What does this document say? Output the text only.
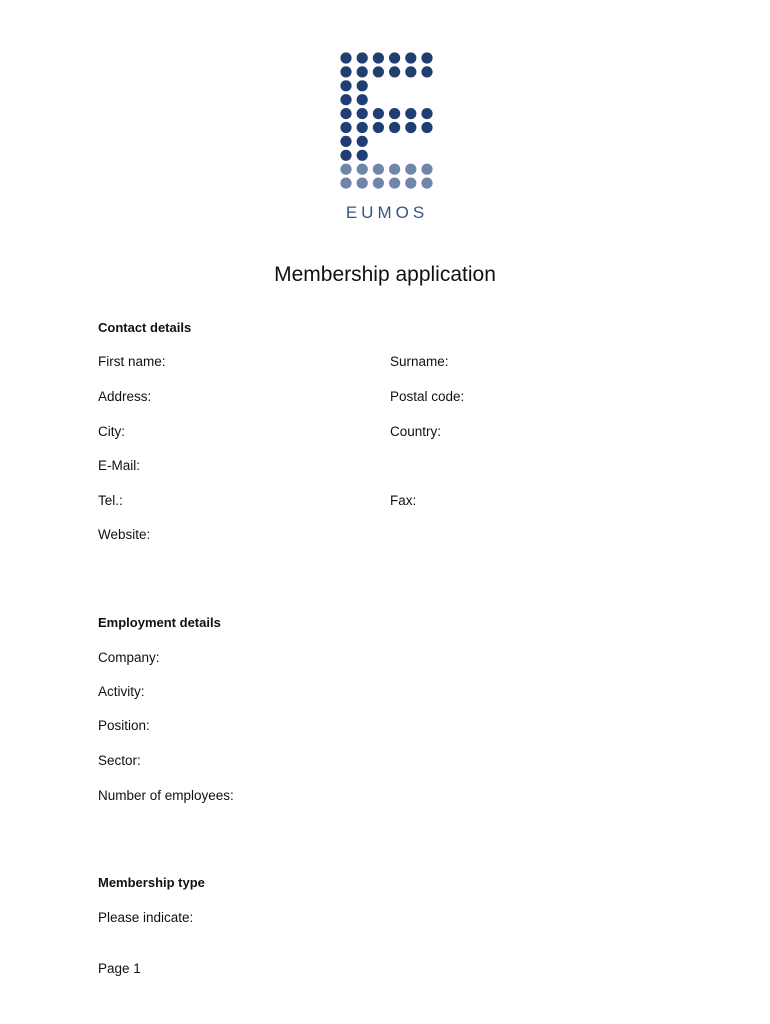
EUMOS
Membership application
Contact details
First name:	Surname:
Address:	Postal code:
City:	Country:
E-Mail:
Tel.:	Fax:
Website:
Employment details
Company:
Activity:
Position:
Sector:
Number of employees:
Membership type
Please indicate:
Page 1
